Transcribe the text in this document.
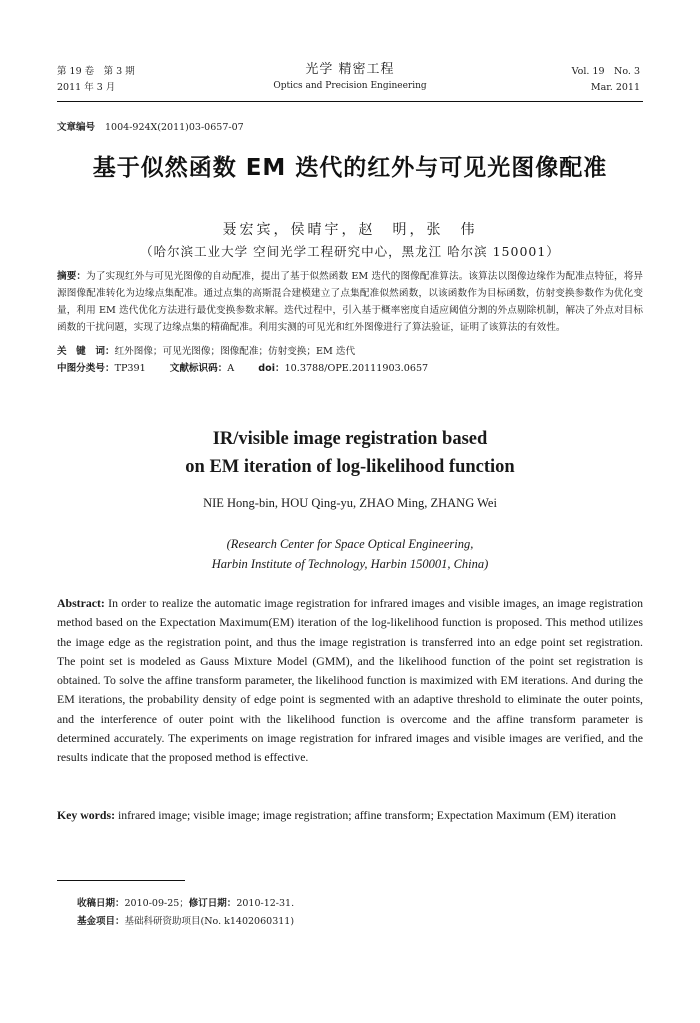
第 19 卷　第 3 期
2011 年 3 月
光学 精密工程
Optics and Precision Engineering
Vol. 19　No. 3
Mar. 2011
文章编号 1004-924X(2011)03-0657-07
基于似然函数 EM 迭代的红外与可见光图像配准
聂宏宾，侯晴宇，赵　明，张　伟
（哈尔滨工业大学 空间光学工程研究中心，黑龙江 哈尔滨 150001）
摘要：为了实现红外与可见光图像的自动配准，提出了基于似然函数 EM 迭代的图像配准算法。该算法以图像边缘作为配准点特征，将异源图像配准转化为边缘点集配准。通过点集的高斯混合建模建立了点集配准似然函数，以该函数作为目标函数，仿射变换参数作为优化变量，利用 EM 迭代优化方法进行最优变换参数求解。迭代过程中，引入基于概率密度自适应阈值分割的外点剔除机制，解决了外点对目标函数的干扰问题，实现了边缘点集的精确配准。利用实测的可见光和红外图像进行了算法验证，证明了该算法的有效性。
关　键　词：红外图像；可见光图像；图像配准；仿射变换；EM 迭代
中图分类号：TP391	文献标识码：A	doi：10.3788/OPE.20111903.0657
IR/visible image registration based
on EM iteration of log-likelihood function
NIE Hong-bin, HOU Qing-yu, ZHAO Ming, ZHANG Wei
(Research Center for Space Optical Engineering,
Harbin Institute of Technology, Harbin 150001, China)
Abstract: In order to realize the automatic image registration for infrared images and visible images, an image registration method based on the Expectation Maximum(EM) iteration of the log-likelihood function is proposed. This method utilizes the image edge as the registration point, and thus the image registration is transferred into an edge point set registration. The point set is modeled as Gauss Mixture Model (GMM), and the likelihood function of the point set registration is obtained. To solve the affine transform parameter, the likelihood function is maximized with EM iterations. And during the EM iterations, the probability density of edge point is segmented with an adaptive threshold to eliminate the outer points, and the interference of outer point with the likelihood function is overcome and the affine transform parameter is determined accurately. The experiments on image registration for infrared images and visible images are verified, and the results indicate that the proposed method is effective.
Key words: infrared image; visible image; image registration; affine transform; Expectation Maximum (EM) iteration
收稿日期：2010-09-25；修订日期：2010-12-31.
基金项目：基础科研资助项目(No. k1402060311)
